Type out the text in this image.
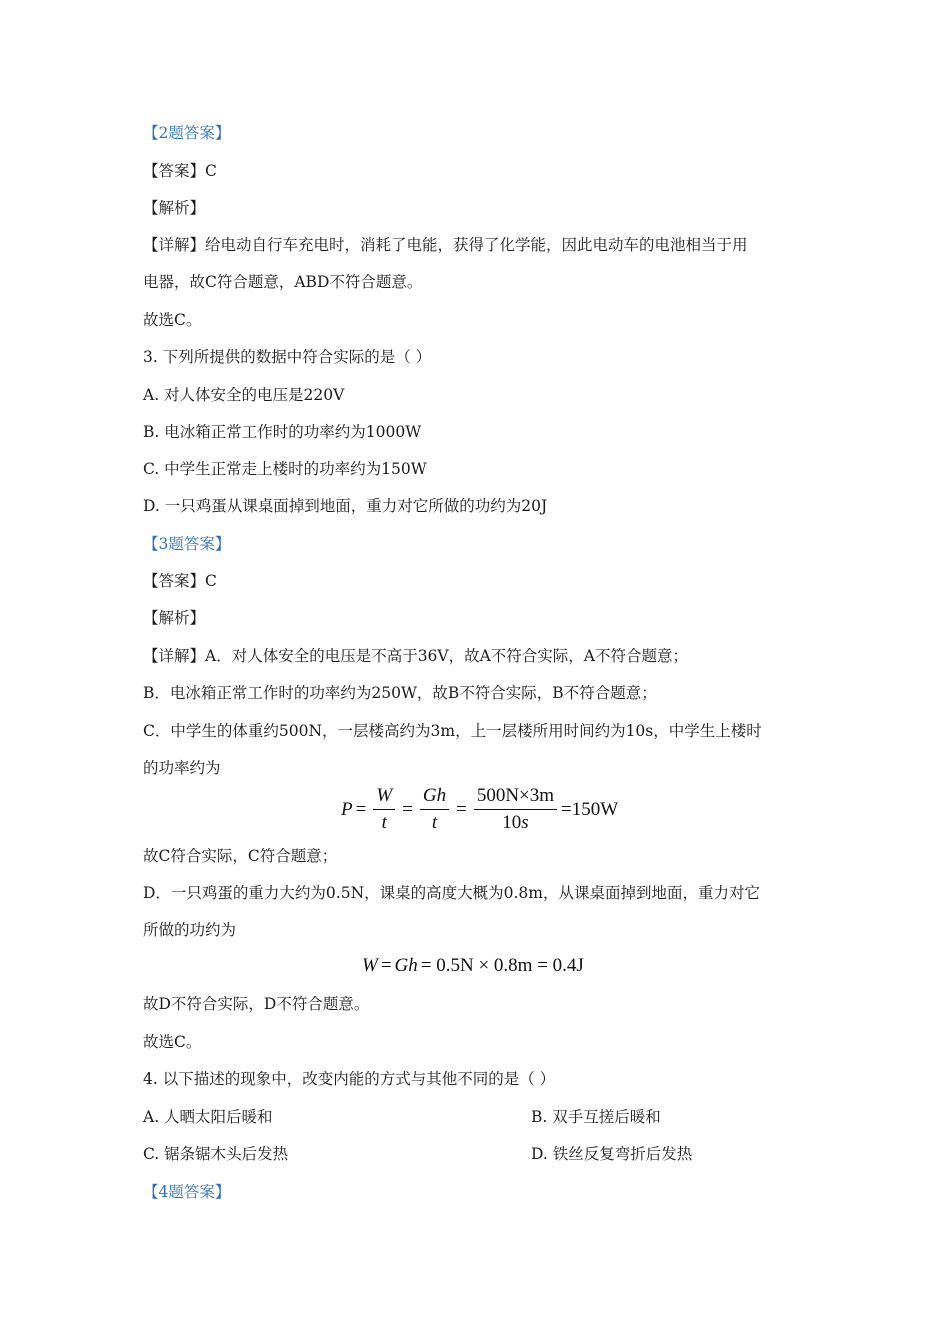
【2题答案】
【答案】C
【解析】
【详解】给电动自行车充电时，消耗了电能，获得了化学能，因此电动车的电池相当于用
电器，故C符合题意，ABD不符合题意。
故选C。
3. 下列所提供的数据中符合实际的是（ ）
A. 对人体安全的电压是220V
B. 电冰箱正常工作时的功率约为1000W
C. 中学生正常走上楼时的功率约为150W
D. 一只鸡蛋从课桌面掉到地面，重力对它所做的功约为20J
【3题答案】
【答案】C
【解析】
【详解】A．对人体安全的电压是不高于36V，故A不符合实际，A不符合题意；
B．电冰箱正常工作时的功率约为250W，故B不符合实际，B不符合题意；
C．中学生的体重约500N，一层楼高约为3m，上一层楼所用时间约为10s，中学生上楼时
的功率约为
$P = \frac{W}{t} = \frac{Gh}{t} = \frac{500N\times 3m}{10s} =150W$
故C符合实际，C符合题意；
D．一只鸡蛋的重力大约为0.5N，课桌的高度大概为0.8m，从课桌面掉到地面，重力对它
所做的功约为
W = Gh = 0.5N × 0.8m = 0.4J
故D不符合实际，D不符合题意。
故选C。
4. 以下描述的现象中，改变内能的方式与其他不同的是（ ）
A. 人晒太阳后暖和	B. 双手互搓后暖和
C. 锯条锯木头后发热	D. 铁丝反复弯折后发热
【4题答案】
